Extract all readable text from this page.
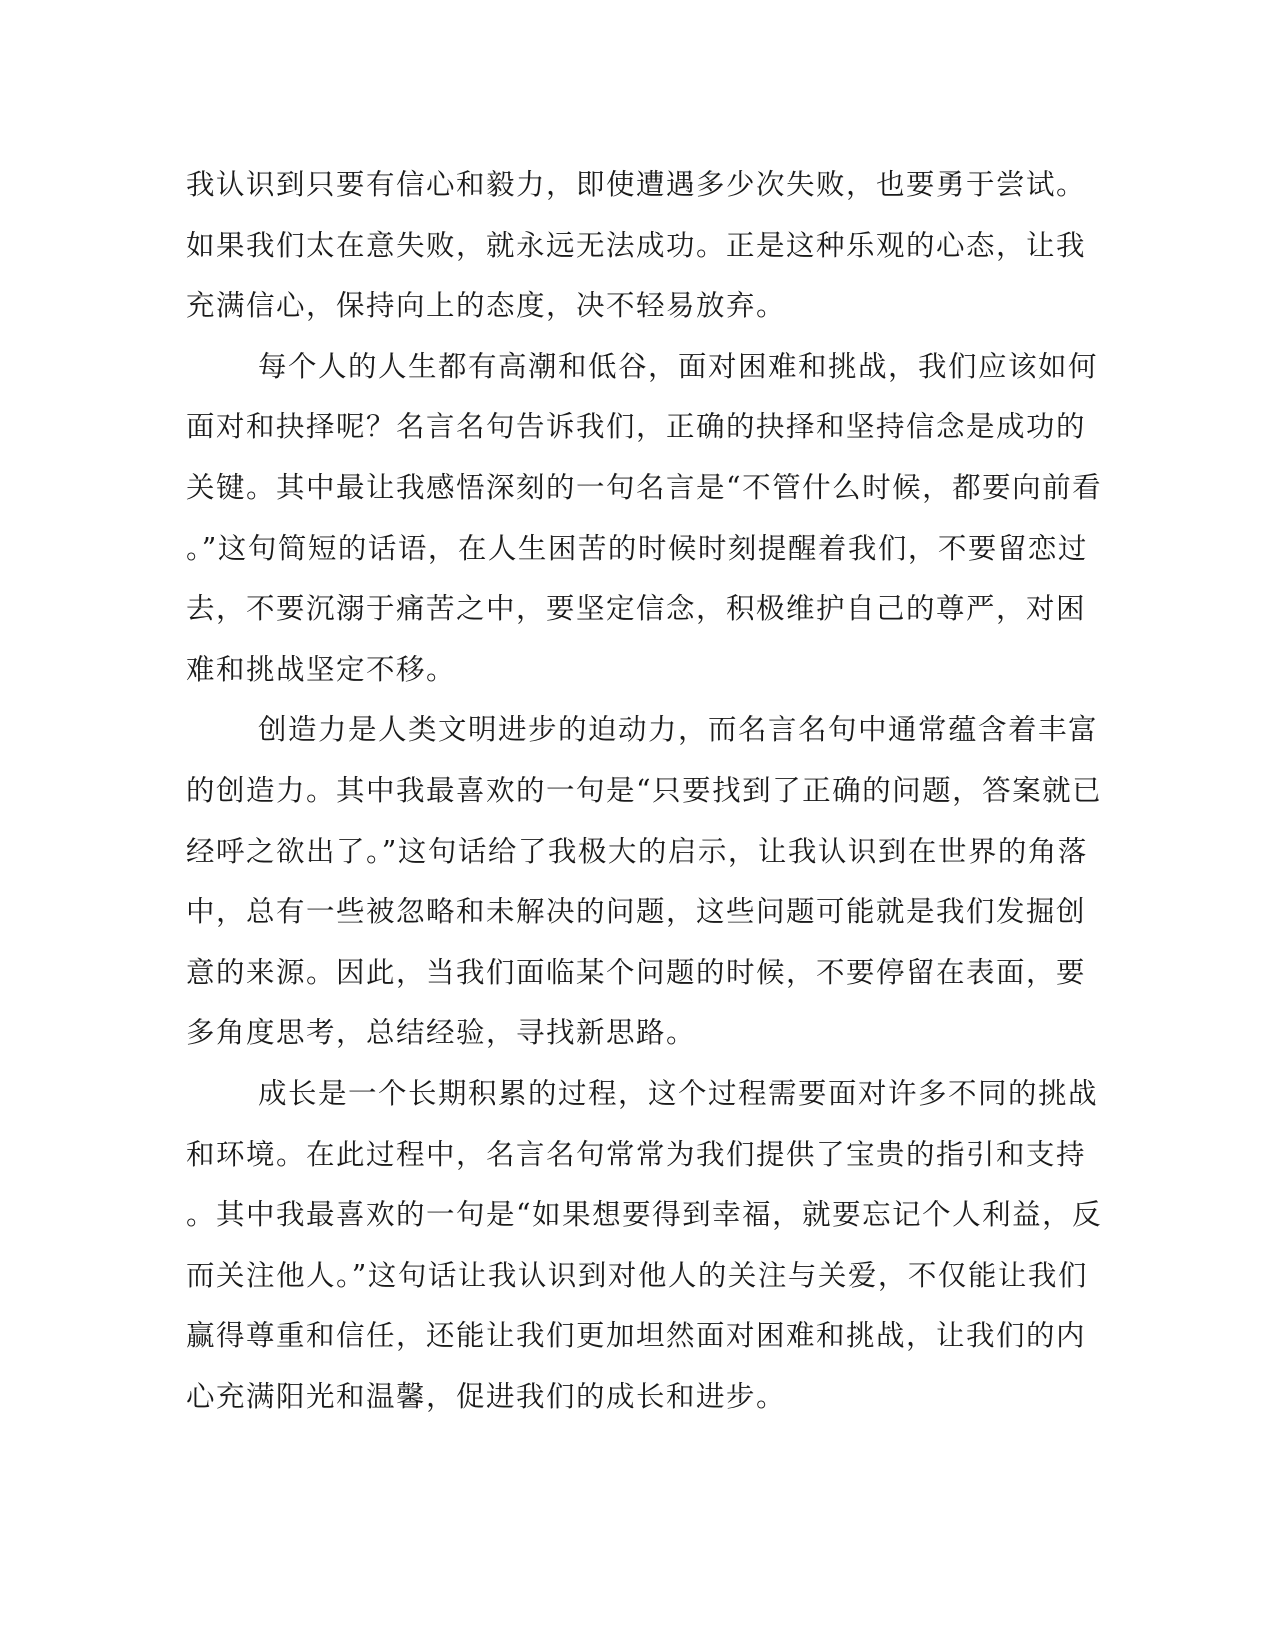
我认识到只要有信心和毅力，即使遭遇多少次失败，也要勇于尝试。
如果我们太在意失败，就永远无法成功。正是这种乐观的心态，让我
充满信心，保持向上的态度，决不轻易放弃。
每个人的人生都有高潮和低谷，面对困难和挑战，我们应该如何
面对和抉择呢？名言名句告诉我们，正确的抉择和坚持信念是成功的
关键。其中最让我感悟深刻的一句名言是“不管什么时候，都要向前看
。”这句简短的话语，在人生困苦的时候时刻提醒着我们，不要留恋过
去，不要沉溺于痛苦之中，要坚定信念，积极维护自己的尊严，对困
难和挑战坚定不移。
创造力是人类文明进步的迫动力，而名言名句中通常蕴含着丰富
的创造力。其中我最喜欢的一句是“只要找到了正确的问题，答案就已
经呼之欲出了。”这句话给了我极大的启示，让我认识到在世界的角落
中，总有一些被忽略和未解决的问题，这些问题可能就是我们发掘创
意的来源。因此，当我们面临某个问题的时候，不要停留在表面，要
多角度思考，总结经验，寻找新思路。
成长是一个长期积累的过程，这个过程需要面对许多不同的挑战
和环境。在此过程中，名言名句常常为我们提供了宝贵的指引和支持
。其中我最喜欢的一句是“如果想要得到幸福，就要忘记个人利益，反
而关注他人。”这句话让我认识到对他人的关注与关爱，不仅能让我们
赢得尊重和信任，还能让我们更加坦然面对困难和挑战，让我们的内
心充满阳光和温馨，促进我们的成长和进步。
